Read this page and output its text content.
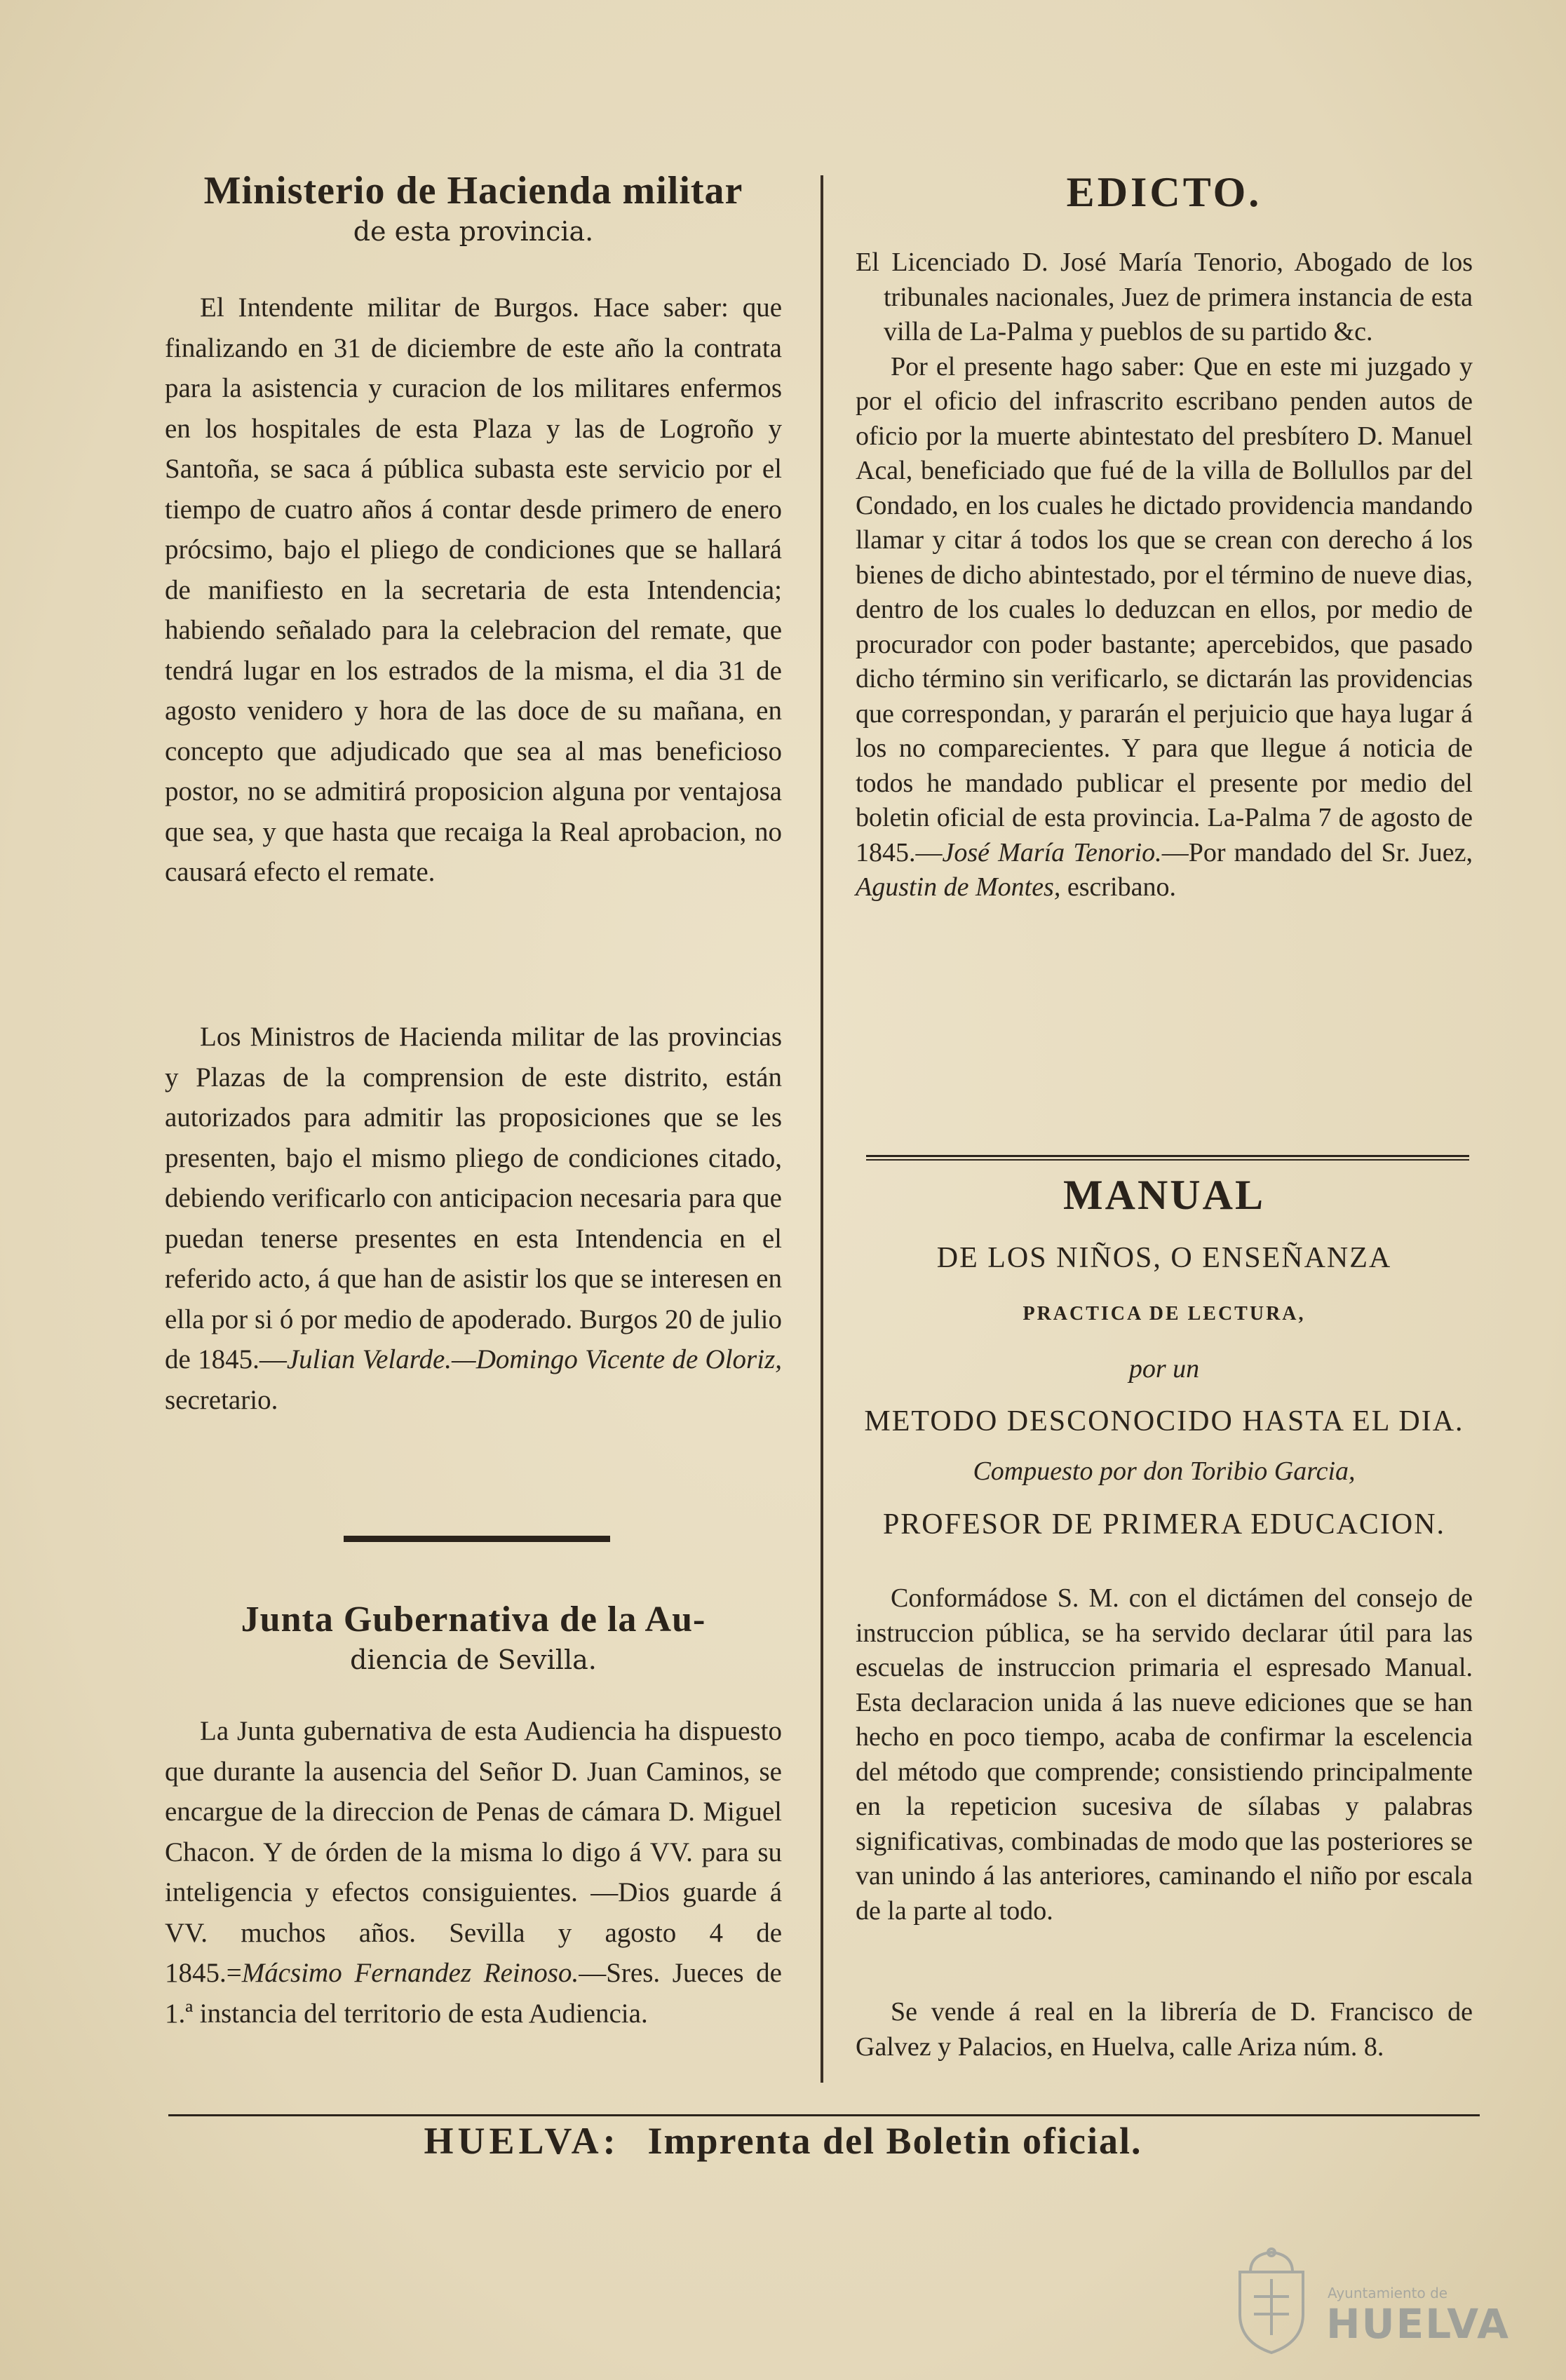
Ministerio de Hacienda militar
de esta provincia.

El Intendente militar de Burgos. Hace saber: que finalizando en 31 de diciembre de este año la contrata para la asistencia y curacion de los militares enfermos en los hospitales de esta Plaza y las de Logroño y Santoña, se saca á pública subasta este servicio por el tiempo de cuatro años á contar desde primero de enero prócsimo, bajo el pliego de condiciones que se hallará de manifiesto en la secretaria de esta Intendencia; habiendo señalado para la celebracion del remate, que tendrá lugar en los estrados de la misma, el dia 31 de agosto venidero y hora de las doce de su mañana, en concepto que adjudicado que sea al mas beneficioso postor, no se admitirá proposicion alguna por ventajosa que sea, y que hasta que recaiga la Real aprobacion, no causará efecto el remate.

Los Ministros de Hacienda militar de las provincias y Plazas de la comprension de este distrito, están autorizados para admitir las proposiciones que se les presenten, bajo el mismo pliego de condiciones citado, debiendo verificarlo con anticipacion necesaria para que puedan tenerse presentes en esta Intendencia en el referido acto, á que han de asistir los que se interesen en ella por si ó por medio de apoderado. Burgos 20 de julio de 1845.—Julian Velarde.—Domingo Vicente de Oloriz, secretario.

Junta Gubernativa de la Au-
diencia de Sevilla.

La Junta gubernativa de esta Audiencia ha dispuesto que durante la ausencia del Señor D. Juan Caminos, se encargue de la direccion de Penas de cámara D. Miguel Chacon. Y de órden de la misma lo digo á VV. para su inteligencia y efectos consiguientes. —Dios guarde á VV. muchos años. Sevilla y agosto 4 de 1845.=Mácsimo Fernandez Reinoso.—Sres. Jueces de 1.ª instancia del territorio de esta Audiencia.

EDICTO.
El Licenciado D. José María Tenorio, Abogado de los tribunales nacionales, Juez de primera instancia de esta villa de La-Palma y pueblos de su partido &c.
Por el presente hago saber: Que en este mi juzgado y por el oficio del infrascrito escribano penden autos de oficio por la muerte abintestato del presbítero D. Manuel Acal, beneficiado que fué de la villa de Bollullos par del Condado, en los cuales he dictado providencia mandando llamar y citar á todos los que se crean con derecho á los bienes de dicho abintestado, por el término de nueve dias, dentro de los cuales lo deduzcan en ellos, por medio de procurador con poder bastante; apercebidos, que pasado dicho término sin verificarlo, se dictarán las providencias que correspondan, y pararán el perjuicio que haya lugar á los no comparecientes. Y para que llegue á noticia de todos he mandado publicar el presente por medio del boletin oficial de esta provincia. La-Palma 7 de agosto de 1845.—José María Tenorio.—Por mandado del Sr. Juez, Agustin de Montes, escribano.
MANUAL
DE LOS NIÑOS, O ENSEÑANZA
PRACTICA DE LECTURA,
por un
METODO DESCONOCIDO HASTA EL DIA.
Compuesto por don Toribio Garcia,
PROFESOR DE PRIMERA EDUCACION.

Conformádose S. M. con el dictámen del consejo de instruccion pública, se ha servido declarar útil para las escuelas de instruccion primaria el espresado Manual. Esta declaracion unida á las nueve ediciones que se han hecho en poco tiempo, acaba de confirmar la escelencia del método que comprende; consistiendo principalmente en la repeticion sucesiva de sílabas y palabras significativas, combinadas de modo que las posteriores se van unindo á las anteriores, caminando el niño por escala de la parte al todo.

Se vende á real en la librería de D. Francisco de Galvez y Palacios, en Huelva, calle Ariza núm. 8.

HUELVA: Imprenta del Boletin oficial.
Ayuntamiento de
HUELVA
